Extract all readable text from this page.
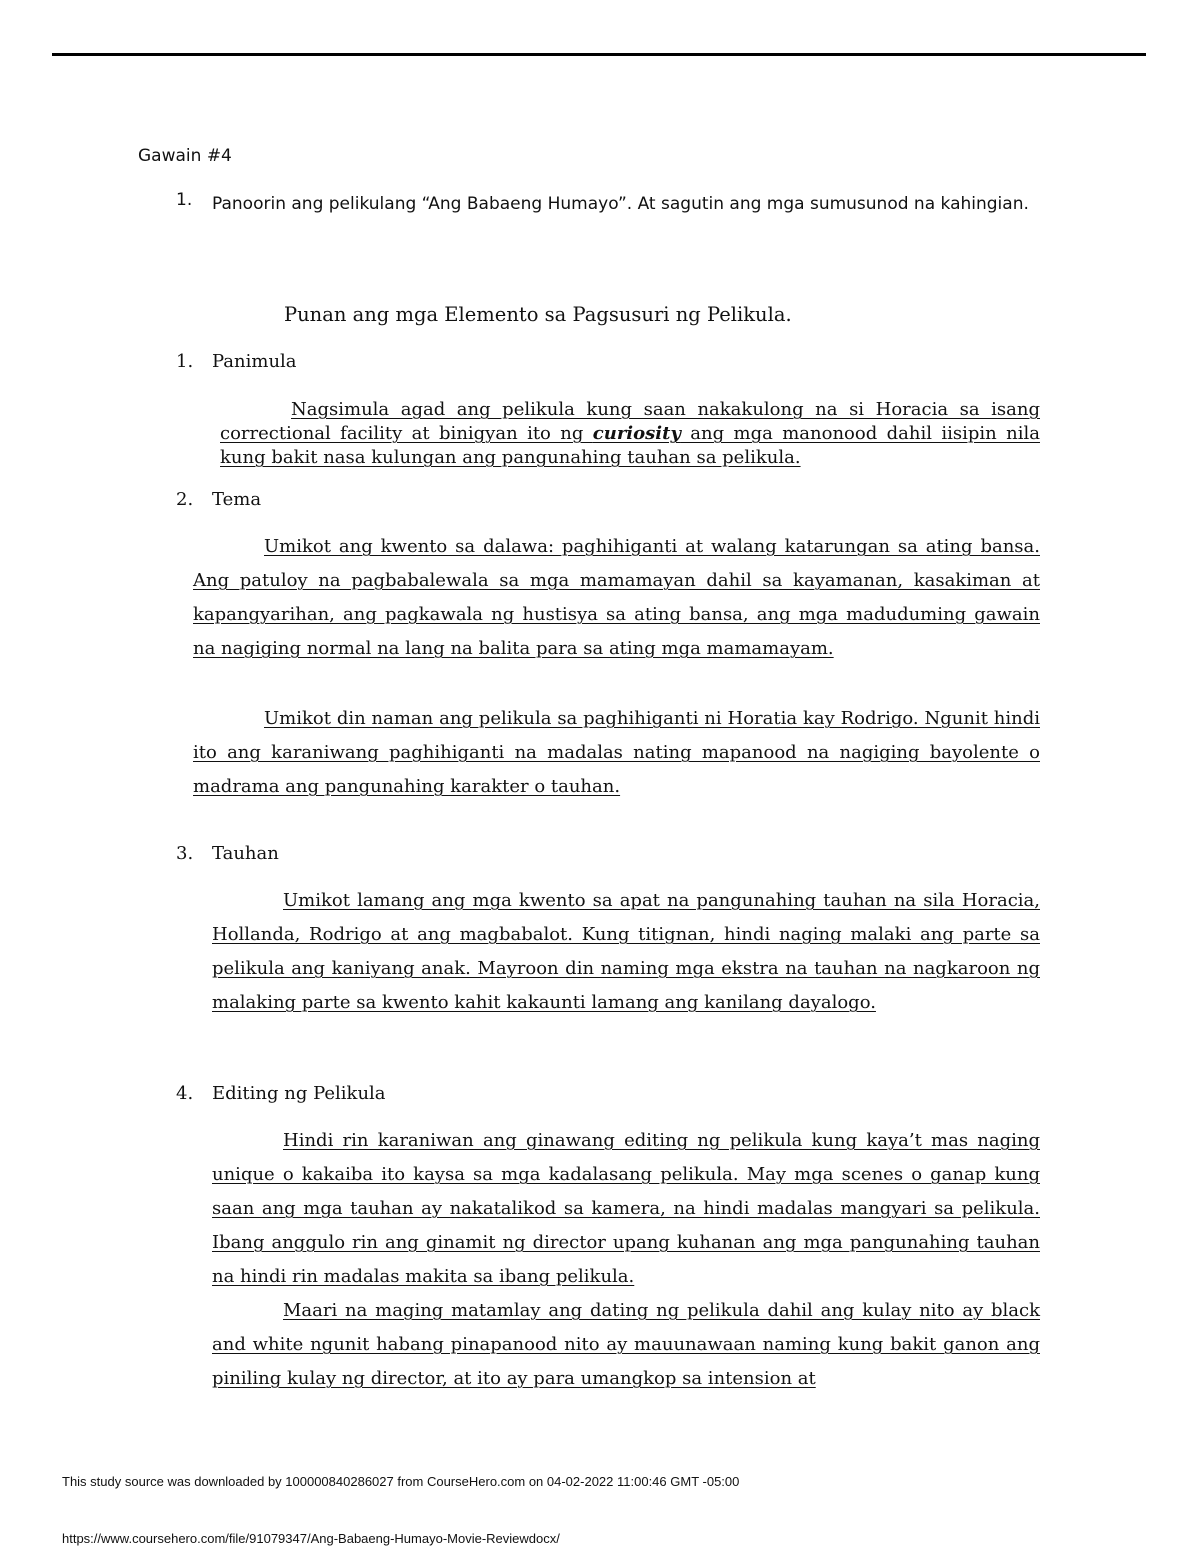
Gawain #4
1. Panoorin ang pelikulang “Ang Babaeng Humayo”. At sagutin ang mga sumusunod na kahingian.
Punan ang mga Elemento sa Pagsusuri ng Pelikula.
1. Panimula

Nagsimula agad ang pelikula kung saan nakakulong na si Horacia sa isang correctional facility at binigyan ito ng curiosity ang mga manonood dahil iisipin nila kung bakit nasa kulungan ang pangunahing tauhan sa pelikula.

2. Tema

Umikot ang kwento sa dalawa: paghihiganti at walang katarungan sa ating bansa. Ang patuloy na pagbabalewala sa mga mamamayan dahil sa kayamanan, kasakiman at kapangyarihan, ang pagkawala ng hustisya sa ating bansa, ang mga maduduming gawain na nagiging normal na lang na balita para sa ating mga mamamayam.

Umikot din naman ang pelikula sa paghihiganti ni Horatia kay Rodrigo. Ngunit hindi ito ang karaniwang paghihiganti na madalas nating mapanood na nagiging bayolente o madrama ang pangunahing karakter o tauhan.

3. Tauhan

Umikot lamang ang mga kwento sa apat na pangunahing tauhan na sila Horacia, Hollanda, Rodrigo at ang magbabalot. Kung titignan, hindi naging malaki ang parte sa pelikula ang kaniyang anak. Mayroon din naming mga ekstra na tauhan na nagkaroon ng malaking parte sa kwento kahit kakaunti lamang ang kanilang dayalogo.

4. Editing ng Pelikula

Hindi rin karaniwan ang ginawang editing ng pelikula kung kaya’t mas naging unique o kakaiba ito kaysa sa mga kadalasang pelikula. May mga scenes o ganap kung saan ang mga tauhan ay nakatalikod sa kamera, na hindi madalas mangyari sa pelikula. Ibang anggulo rin ang ginamit ng director upang kuhanan ang mga pangunahing tauhan na hindi rin madalas makita sa ibang pelikula.

Maari na maging matamlay ang dating ng pelikula dahil ang kulay nito ay black and white ngunit habang pinapanood nito ay mauunawaan naming kung bakit ganon ang piniling kulay ng director, at ito ay para umangkop sa intension at

This study source was downloaded by 100000840286027 from CourseHero.com on 04-02-2022 11:00:46 GMT -05:00
https://www.coursehero.com/file/91079347/Ang-Babaeng-Humayo-Movie-Reviewdocx/
